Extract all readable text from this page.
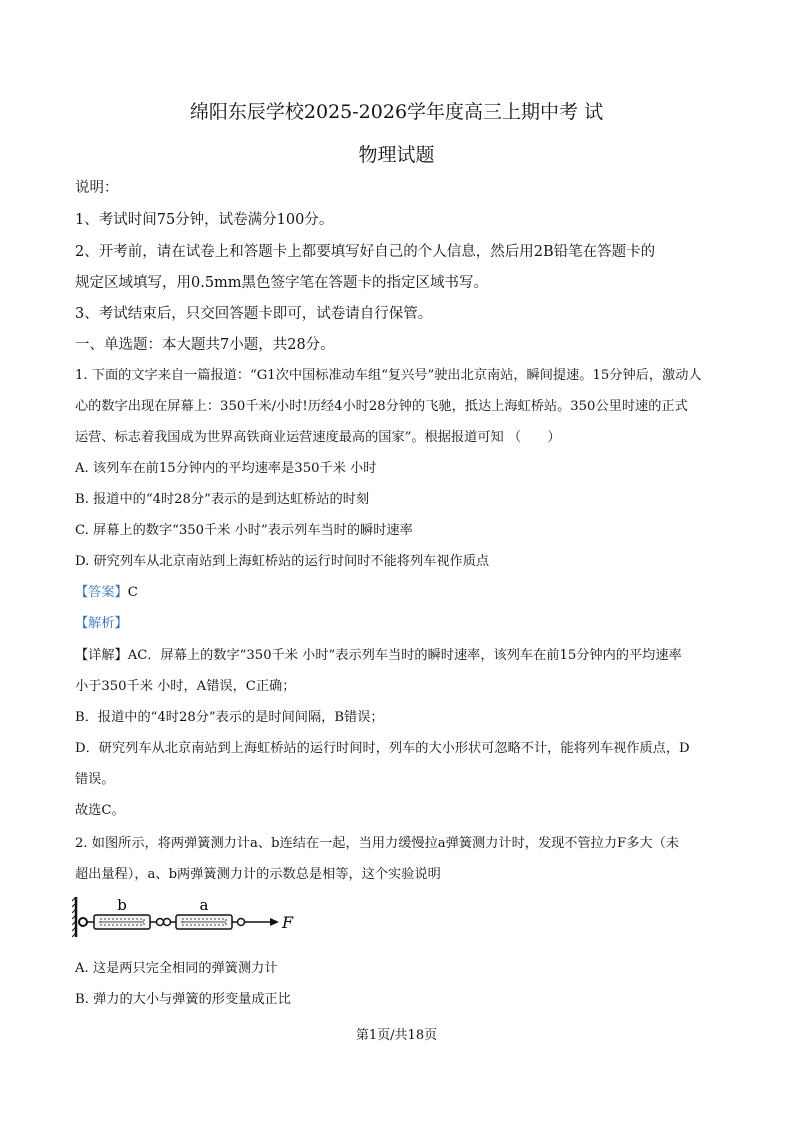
绵阳东辰学校2025-2026学年度高三上期中考 试
物理试题
说明：
1、考试时间75分钟，试卷满分100分。
2、开考前，请在试卷上和答题卡上都要填写好自己的个人信息，然后用2B铅笔在答题卡的
规定区域填写，用0.5mm黑色签字笔在答题卡的指定区域书写。
3、考试结束后，只交回答题卡即可，试卷请自行保管。
一、单选题：本大题共7小题，共28分。
1. 下面的文字来自一篇报道：“G1次中国标准动车组“复兴号”驶出北京南站，瞬间提速。15分钟后，激动人
心的数字出现在屏幕上：350千米/小时!历经4小时28分钟的飞驰，抵达上海虹桥站。350公里时速的正式
运营、标志着我国成为世界高铁商业运营速度最高的国家”。根据报道可知 （　　）
A. 该列车在前15分钟内的平均速率是350千米 小时
B. 报道中的“4时28分”表示的是到达虹桥站的时刻
C. 屏幕上的数字“350千米 小时”表示列车当时的瞬时速率
D. 研究列车从北京南站到上海虹桥站的运行时间时不能将列车视作质点
【答案】C
【解析】
【详解】AC．屏幕上的数字“350千米 小时”表示列车当时的瞬时速率，该列车在前15分钟内的平均速率
小于350千米 小时，A错误，C正确；
B．报道中的“4时28分”表示的是时间间隔，B错误；
D．研究列车从北京南站到上海虹桥站的运行时间时，列车的大小形状可忽略不计，能将列车视作质点，D
错误。
故选C。
2. 如图所示，将两弹簧测力计a、b连结在一起，当用力缓慢拉a弹簧测力计时，发现不管拉力F多大（未
超出量程），a、b两弹簧测力计的示数总是相等，这个实验说明
b	a
F
A. 这是两只完全相同的弹簧测力计
B. 弹力的大小与弹簧的形变量成正比
第1页/共18页
